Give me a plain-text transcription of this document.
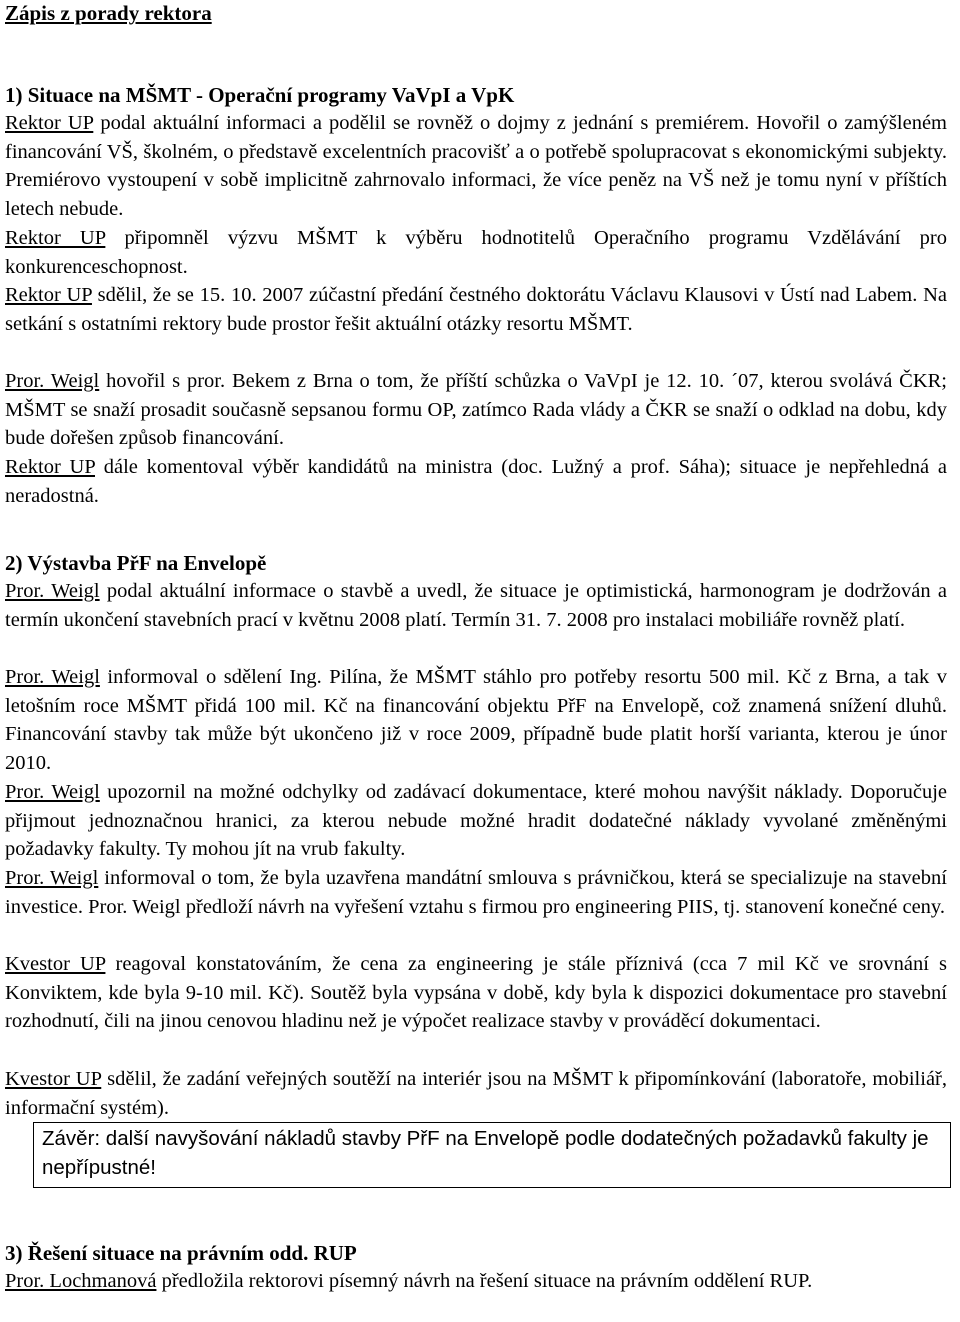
Zápis z porady rektora
1) Situace na MŠMT - Operační programy VaVpI a VpK

Rektor UP podal aktuální informaci a podělil se rovněž o dojmy z jednání s premiérem. Hovořil o zamýšleném financování VŠ, školném, o představě excelentních pracovišť a o potřebě spolupracovat s ekonomickými subjekty. Premiérovo vystoupení v sobě implicitně zahrnovalo informaci, že více peněz na VŠ než je tomu nyní v příštích letech nebude.

Rektor UP připomněl výzvu MŠMT k výběru hodnotitelů Operačního programu Vzdělávání pro konkurenceschopnost.

Rektor UP sdělil, že se 15. 10. 2007 zúčastní předání čestného doktorátu Václavu Klausovi v Ústí nad Labem. Na setkání s ostatními rektory bude prostor řešit aktuální otázky resortu MŠMT.

Pror. Weigl hovořil s pror. Bekem z Brna o tom, že příští schůzka o VaVpI je 12. 10. ´07, kterou svolává ČKR; MŠMT se snaží prosadit současně sepsanou formu OP, zatímco Rada vlády a ČKR se snaží o odklad na dobu, kdy bude dořešen způsob financování.

Rektor UP dále komentoval výběr kandidátů na ministra (doc. Lužný a prof. Sáha); situace je nepřehledná a neradostná.

2) Výstavba PřF na Envelopě

Pror. Weigl podal aktuální informace o stavbě a uvedl, že situace je optimistická, harmonogram je dodržován a termín ukončení stavebních prací v květnu 2008 platí. Termín 31. 7. 2008 pro instalaci mobiliáře rovněž platí.

Pror. Weigl informoval o sdělení Ing. Pilína, že MŠMT stáhlo pro potřeby resortu 500 mil. Kč z Brna, a tak v letošním roce MŠMT přidá 100 mil. Kč na financování objektu PřF na Envelopě, což znamená snížení dluhů. Financování stavby tak může být ukončeno již v roce 2009, případně bude platit horší varianta, kterou je únor 2010.

Pror. Weigl upozornil na možné odchylky od zadávací dokumentace, které mohou navýšit náklady. Doporučuje přijmout jednoznačnou hranici, za kterou nebude možné hradit dodatečné náklady vyvolané změněnými požadavky fakulty. Ty mohou jít na vrub fakulty.

Pror. Weigl informoval o tom, že byla uzavřena mandátní smlouva s právničkou, která se specializuje na stavební investice. Pror. Weigl předloží návrh na vyřešení vztahu s firmou pro engineering PIIS, tj. stanovení konečné ceny.

Kvestor UP reagoval konstatováním, že cena za engineering je stále příznivá (cca 7 mil Kč ve srovnání s Konviktem, kde byla 9-10 mil. Kč). Soutěž byla vypsána v době, kdy byla k dispozici dokumentace pro stavební rozhodnutí, čili na jinou cenovou hladinu než je výpočet realizace stavby v prováděcí dokumentaci.

Kvestor UP sdělil, že zadání veřejných soutěží na interiér jsou na MŠMT k připomínkování (laboratoře, mobiliář, informační systém).

Závěr: další navyšování nákladů stavby PřF na Envelopě podle dodatečných požadavků fakulty je nepřípustné!
3) Řešení situace na právním odd. RUP

Pror. Lochmanová předložila rektorovi písemný návrh na řešení situace na právním oddělení RUP.
